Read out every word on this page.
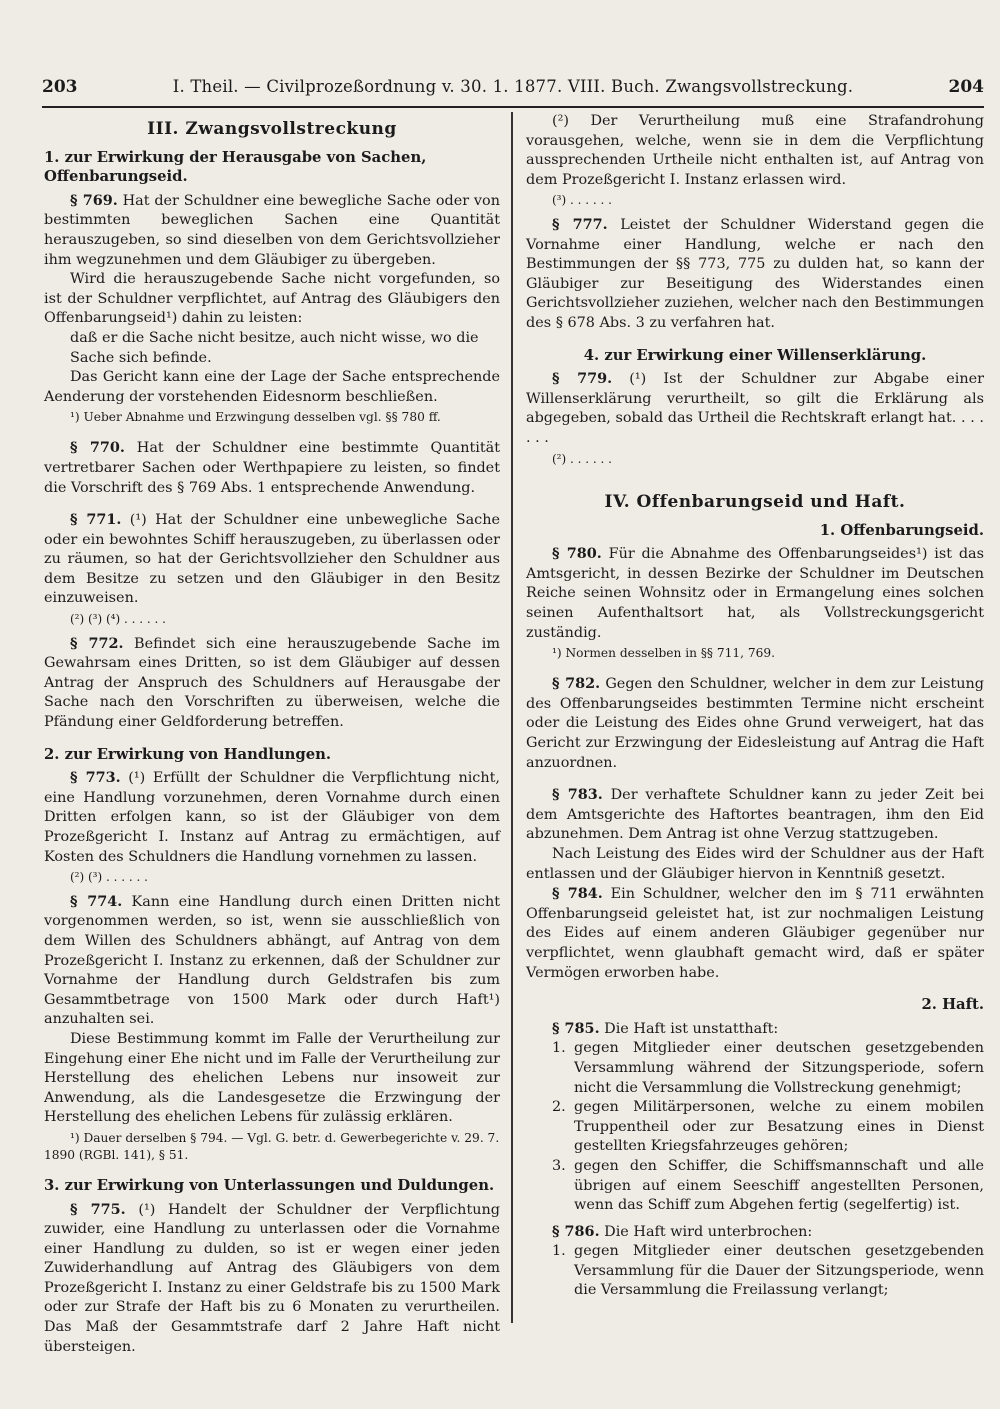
203	I. Theil. — Civilprozeßordnung v. 30. 1. 1877. VIII. Buch. Zwangsvollstreckung.	204
III. Zwangsvollstreckung
1. zur Erwirkung der Herausgabe von Sachen, Offenbarungseid.

§ 769. Hat der Schuldner eine bewegliche Sache oder von bestimmten beweglichen Sachen eine Quantität herauszugeben, so sind dieselben von dem Gerichtsvollzieher ihm wegzunehmen und dem Gläubiger zu übergeben.

Wird die herauszugebende Sache nicht vorgefunden, so ist der Schuldner verpflichtet, auf Antrag des Gläubigers den Offenbarungseid¹) dahin zu leisten:

daß er die Sache nicht besitze, auch nicht wisse, wo die Sache sich befinde.

Das Gericht kann eine der Lage der Sache entsprechende Aenderung der vorstehenden Eidesnorm beschließen.

¹) Ueber Abnahme und Erzwingung desselben vgl. §§ 780 ff.

§ 770. Hat der Schuldner eine bestimmte Quantität vertretbarer Sachen oder Werthpapiere zu leisten, so findet die Vorschrift des § 769 Abs. 1 entsprechende Anwendung.

§ 771. (¹) Hat der Schuldner eine unbewegliche Sache oder ein bewohntes Schiff herauszugeben, zu überlassen oder zu räumen, so hat der Gerichtsvollzieher den Schuldner aus dem Besitze zu setzen und den Gläubiger in den Besitz einzuweisen.

(²) (³) (⁴) . . . . . .

§ 772. Befindet sich eine herauszugebende Sache im Gewahrsam eines Dritten, so ist dem Gläubiger auf dessen Antrag der Anspruch des Schuldners auf Herausgabe der Sache nach den Vorschriften zu überweisen, welche die Pfändung einer Geldforderung betreffen.

2. zur Erwirkung von Handlungen.

§ 773. (¹) Erfüllt der Schuldner die Verpflichtung nicht, eine Handlung vorzunehmen, deren Vornahme durch einen Dritten erfolgen kann, so ist der Gläubiger von dem Prozeßgericht I. Instanz auf Antrag zu ermächtigen, auf Kosten des Schuldners die Handlung vornehmen zu lassen.

(²) (³) . . . . . .

§ 774. Kann eine Handlung durch einen Dritten nicht vorgenommen werden, so ist, wenn sie ausschließlich von dem Willen des Schuldners abhängt, auf Antrag von dem Prozeßgericht I. Instanz zu erkennen, daß der Schuldner zur Vornahme der Handlung durch Geldstrafen bis zum Gesammtbetrage von 1500 Mark oder durch Haft¹) anzuhalten sei.

Diese Bestimmung kommt im Falle der Verurtheilung zur Eingehung einer Ehe nicht und im Falle der Verurtheilung zur Herstellung des ehelichen Lebens nur insoweit zur Anwendung, als die Landesgesetze die Erzwingung der Herstellung des ehelichen Lebens für zulässig erklären.

¹) Dauer derselben § 794. — Vgl. G. betr. d. Gewerbegerichte v. 29. 7. 1890 (RGBl. 141), § 51.

3. zur Erwirkung von Unterlassungen und Duldungen.

§ 775. (¹) Handelt der Schuldner der Verpflichtung zuwider, eine Handlung zu unterlassen oder die Vornahme einer Handlung zu dulden, so ist er wegen einer jeden Zuwiderhandlung auf Antrag des Gläubigers von dem Prozeßgericht I. Instanz zu einer Geldstrafe bis zu 1500 Mark oder zur Strafe der Haft bis zu 6 Monaten zu verurtheilen. Das Maß der Gesammtstrafe darf 2 Jahre Haft nicht übersteigen.

(²) Der Verurtheilung muß eine Strafandrohung vorausgehen, welche, wenn sie in dem die Verpflichtung aussprechenden Urtheile nicht enthalten ist, auf Antrag von dem Prozeßgericht I. Instanz erlassen wird.

(³) . . . . . .

§ 777. Leistet der Schuldner Widerstand gegen die Vornahme einer Handlung, welche er nach den Bestimmungen der §§ 773, 775 zu dulden hat, so kann der Gläubiger zur Beseitigung des Widerstandes einen Gerichtsvollzieher zuziehen, welcher nach den Bestimmungen des § 678 Abs. 3 zu verfahren hat.

4. zur Erwirkung einer Willenserklärung.

§ 779. (¹) Ist der Schuldner zur Abgabe einer Willenserklärung verurtheilt, so gilt die Erklärung als abgegeben, sobald das Urtheil die Rechtskraft erlangt hat. . . . . . .

(²) . . . . . .
IV. Offenbarungseid und Haft.
1. Offenbarungseid.

§ 780. Für die Abnahme des Offenbarungseides¹) ist das Amtsgericht, in dessen Bezirke der Schuldner im Deutschen Reiche seinen Wohnsitz oder in Ermangelung eines solchen seinen Aufenthaltsort hat, als Vollstreckungsgericht zuständig.

¹) Normen desselben in §§ 711, 769.

§ 782. Gegen den Schuldner, welcher in dem zur Leistung des Offenbarungseides bestimmten Termine nicht erscheint oder die Leistung des Eides ohne Grund verweigert, hat das Gericht zur Erzwingung der Eidesleistung auf Antrag die Haft anzuordnen.

§ 783. Der verhaftete Schuldner kann zu jeder Zeit bei dem Amtsgerichte des Haftortes beantragen, ihm den Eid abzunehmen. Dem Antrag ist ohne Verzug stattzugeben.

Nach Leistung des Eides wird der Schuldner aus der Haft entlassen und der Gläubiger hiervon in Kenntniß gesetzt.

§ 784. Ein Schuldner, welcher den im § 711 erwähnten Offenbarungseid geleistet hat, ist zur nochmaligen Leistung des Eides auf einem anderen Gläubiger gegenüber nur verpflichtet, wenn glaubhaft gemacht wird, daß er später Vermögen erworben habe.

2. Haft.

§ 785. Die Haft ist unstatthaft:

1. gegen Mitglieder einer deutschen gesetzgebenden Versammlung während der Sitzungsperiode, sofern nicht die Versammlung die Vollstreckung genehmigt;

2. gegen Militärpersonen, welche zu einem mobilen Truppentheil oder zur Besatzung eines in Dienst gestellten Kriegsfahrzeuges gehören;

3. gegen den Schiffer, die Schiffsmannschaft und alle übrigen auf einem Seeschiff angestellten Personen, wenn das Schiff zum Abgehen fertig (segelfertig) ist.

§ 786. Die Haft wird unterbrochen:

1. gegen Mitglieder einer deutschen gesetzgebenden Versammlung für die Dauer der Sitzungsperiode, wenn die Versammlung die Freilassung verlangt;
